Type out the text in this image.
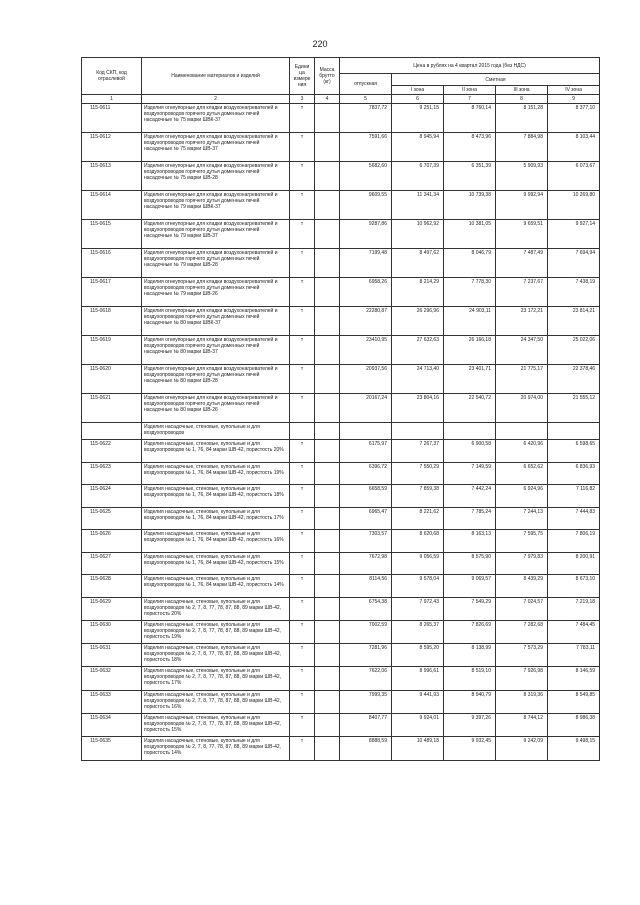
220
Код СКП, код отраслевой	Наименование материалов и изделий	Едини ца измере ния	Масса брутто (кг)	Цена в рублях на 4 квартал 2015 года (без НДС)				
				отпускная	Сметная			
					I зона	II зона	III зона	IV зона
1	2	3	4	5	6	7	8	9
115-0611	Изделия огнеупорные для кладки воздухонагревателей и воздухопроводов горячего дутья доменных печей насадочные № 75 марки ШВК-37	т		7837,72	9 251,15	8 760,14	8 151,28	8 377,10
115-0612	Изделия огнеупорные для кладки воздухонагревателей и воздухопроводов горячего дутья доменных печей насадочные № 75 марки ШВ-37	т		7591,66	8 945,94	8 473,96	7 884,98	8 103,44
115-0613	Изделия огнеупорные для кладки воздухонагревателей и воздухопроводов горячего дутья доменных печей насадочные № 75 марки ШВ-28	т		5682,60	6 707,39	6 351,39	5 909,93	6 073,67
115-0614	Изделия огнеупорные для кладки воздухонагревателей и воздухопроводов горячего дутья доменных печей насадочные № 79 марки ШВК-37	т		9609,55	11 341,34	10 739,38	9 992,94	10 269,80
115-0615	Изделия огнеупорные для кладки воздухонагревателей и воздухопроводов горячего дутья доменных печей насадочные № 79 марки ШВ-37	т		9287,86	10 962,92	10 381,05	9 659,51	9 927,14
115-0616	Изделия огнеупорные для кладки воздухонагревателей и воздухопроводов горячего дутья доменных печей насадочные № 79 марки ШВ-28	т		7199,48	8 497,62	8 046,79	7 487,49	7 694,94
115-0617	Изделия огнеупорные для кладки воздухонагревателей и воздухопроводов горячего дутья доменных печей насадочные № 79 марки ШВ-26	т		6958,26	8 214,29	7 778,30	7 237,67	7 438,19
115-0618	Изделия огнеупорные для кладки воздухонагревателей и воздухопроводов горячего дутья доменных печей насадочные № 80 марки ШВК-37	т		22280,87	26 296,96	24 903,11	23 172,21	23 814,21
115-0619	Изделия огнеупорные для кладки воздухонагревателей и воздухопроводов горячего дутья доменных печей насадочные № 80 марки ШВ-37	т		23410,95	27 632,63	26 166,18	24 347,50	25 022,06
115-0620	Изделия огнеупорные для кладки воздухонагревателей и воздухопроводов горячего дутья доменных печей насадочные № 80 марки ШВ-28	т		20937,56	24 713,40	23 401,71	21 775,17	22 378,46
115-0621	Изделия огнеупорные для кладки воздухонагревателей и воздухопроводов горячего дутья доменных печей насадочные № 80 марки ШВ-26	т		20167,24	23 804,16	22 540,72	20 974,00	21 555,12
	Изделия насадочные, стеновые, купольные и для воздухопроводов							
115-0622	Изделия насадочные, стеновые, купольные и для воздухопроводов № 1, 76, 84 марки ШВ-42, пористость 20%	т		6175,97	7 267,37	6 900,58	6 420,96	6 598,65
115-0623	Изделия насадочные, стеновые, купольные и для воздухопроводов № 1, 76, 84 марки ШВ-42, пористость 19%	т		6396,72	7 550,29	7 149,59	6 652,62	6 836,93
115-0624	Изделия насадочные, стеновые, купольные и для воздухопроводов № 1, 76, 84 марки ШВ-42, пористость 18%	т		6658,59	7 859,38	7 442,24	6 924,96	7 116,82
115-0625	Изделия насадочные, стеновые, купольные и для воздухопроводов № 1, 76, 84 марки ШВ-42, пористость 17%	т		6965,47	8 221,62	7 785,24	7 244,13	7 444,83
115-0626	Изделия насадочные, стеновые, купольные и для воздухопроводов № 1, 76, 84 марки ШВ-42, пористость 16%	т		7303,57	8 620,68	8 163,13	7 595,75	7 806,19
115-0627	Изделия насадочные, стеновые, купольные и для воздухопроводов № 1, 76, 84 марки ШВ-42, пористость 15%	т		7672,98	9 056,59	8 575,90	7 979,83	8 200,91
115-0628	Изделия насадочные, стеновые, купольные и для воздухопроводов № 1, 76, 84 марки ШВ-42, пористость 14%	т		8114,56	9 578,04	9 069,57	8 439,29	8 673,10
115-0629	Изделия насадочные, стеновые, купольные и для воздухопроводов № 2, 7, 8, 77, 78, 87, 88, 89 марки ШВ-42, пористость 20%	т		6754,38	7 972,43	7 549,29	7 024,57	7 219,18
115-0630	Изделия насадочные, стеновые, купольные и для воздухопроводов № 2, 7, 8, 77, 78, 87, 88, 89 марки ШВ-42, пористость 19%	т		7002,59	8 265,37	7 826,69	7 282,68	7 484,45
115-0631	Изделия насадочные, стеновые, купольные и для воздухопроводов № 2, 7, 8, 77, 78, 87, 88, 89 марки ШВ-42, пористость 18%	т		7281,96	8 595,20	8 138,99	7 573,29	7 783,11
115-0632	Изделия насадочные, стеновые, купольные и для воздухопроводов № 2, 7, 8, 77, 78, 87, 88, 89 марки ШВ-42, пористость 17%	т		7622,06	8 996,61	8 519,10	7 926,98	8 146,59
115-0633	Изделия насадочные, стеновые, купольные и для воздухопроводов № 2, 7, 8, 77, 78, 87, 88, 89 марки ШВ-42, пористость 16%	т		7999,35	9 441,93	8 940,79	8 319,36	8 549,85
115-0634	Изделия насадочные, стеновые, купольные и для воздухопроводов № 2, 7, 8, 77, 78, 87, 88, 89 марки ШВ-42, пористость 15%	т		8407,77	9 924,01	9 397,26	8 744,12	8 986,38
115-0635	Изделия насадочные, стеновые, купольные и для воздухопроводов № 2, 7, 8, 77, 78, 87, 88, 89 марки ШВ-42, пористость 14%	т		8888,59	10 489,18	9 932,45	9 242,09	9 498,15
